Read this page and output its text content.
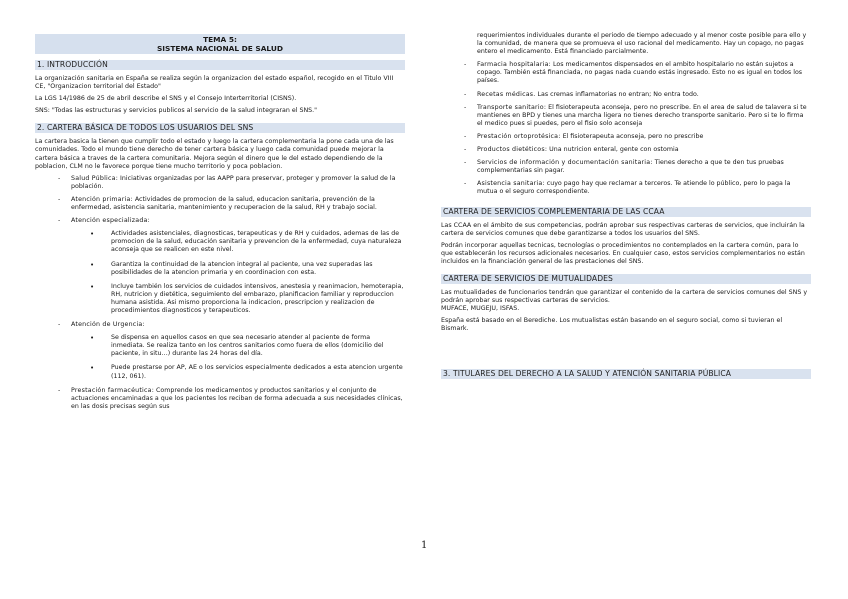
TEMA 5:
SISTEMA NACIONAL DE SALUD
1. INTRODUCCIÓN

La organización sanitaria en España se realiza según la organizacion del estado español, recogido en el Titulo VIII CE, "Organizacion territorial del Estado"

La LGS 14/1986 de 25 de abril describe el SNS y el Consejo Interterritorial (CISNS).

SNS: "Todas las estructuras y servicios publicos al servicio de la salud integraran el SNS."

2. CARTERA BÁSICA DE TODOS LOS USUARIOS DEL SNS

La cartera basica la tienen que cumplir todo el estado y luego la cartera complementaria la pone cada una de las comunidades. Todo el mundo tiene derecho de tener cartera básica y luego cada comunidad puede mejorar la cartera básica a traves de la cartera comunitaria. Mejora según el dinero que le del estado dependiendo de la poblacion, CLM no le favorece porque tiene mucho territorio y poca poblacion.

- Salud Pública: Iniciativas organizadas por las AAPP para preservar, proteger y promover la salud de la población.
- Atención primaria: Actividades de promocion de la salud, educacion sanitaria, prevención de la enfermedad, asistencia sanitaria, mantenimiento y recuperacion de la salud, RH y trabajo social.
- Atención especializada:
• Actividades asistenciales, diagnosticas, terapeuticas y de RH y cuidados, ademas de las de promocion de la salud, educación sanitaria y prevencion de la enfermedad, cuya naturaleza aconseja que se realicen en este nivel.
• Garantiza la continuidad de la atencion integral al paciente, una vez superadas las posibilidades de la atencion primaria y en coordinacion con esta.
• Incluye también los servicios de cuidados intensivos, anestesia y reanimacion, hemoterapia, RH, nutricion y dietética, seguimiento del embarazo, planificacion familiar y reproduccion humana asistida. Asi mismo proporciona la indicacion, prescripcion y realizacion de procedimientos diagnosticos y terapeuticos.
- Atención de Urgencia:
• Se dispensa en aquellos casos en que sea necesario atender al paciente de forma inmediata. Se realiza tanto en los centros sanitarios como fuera de ellos (domicilio del paciente, in situ…) durante las 24 horas del día.
• Puede prestarse por AP, AE o los servicios especialmente dedicados a esta atencion urgente (112, 061).
- Prestación farmacéutica: Comprende los medicamentos y productos sanitarios y el conjunto de actuaciones encaminadas a que los pacientes los reciban de forma adecuada a sus necesidades clínicas, en las dosis precisas según sus
requerimientos individuales durante el periodo de tiempo adecuado y al menor coste posible para ello y la comunidad, de manera que se promueva el uso racional del medicamento. Hay un copago, no pagas entero el medicamento. Está financiado parcialmente.
- Farmacia hospitalaria: Los medicamentos dispensados en el ambito hospitalario no están sujetos a copago. También está financiada, no pagas nada cuando estás ingresado. Esto no es igual en todos los países.
- Recetas médicas. Las cremas inflamatorias no entran; No entra todo.
- Transporte sanitario: El fisioterapeuta aconseja, pero no prescribe. En el area de salud de talavera si te mantienes en BPD y tienes una marcha ligera no tienes derecho transporte sanitario. Pero si te lo firma el medico pues si puedes, pero el fisio solo aconseja
- Prestación ortoprotésica: El fisioterapeuta aconseja, pero no prescribe
- Productos dietéticos: Una nutricion enteral, gente con ostomia
- Servicios de información y documentación sanitaria: Tienes derecho a que te den tus pruebas complementarias sin pagar.
- Asistencia sanitaria: cuyo pago hay que reclamar a terceros. Te atiende lo público, pero lo paga la mutua o el seguro correspondiente.
CARTERA DE SERVICIOS COMPLEMENTARIA DE LAS CCAA

Las CCAA en el ámbito de sus competencias, podrán aprobar sus respectivas carteras de servicios, que incluirán la cartera de servicios comunes que debe garantizarse a todos los usuarios del SNS.

Podrán incorporar aquellas tecnicas, tecnologías o procedimientos no contemplados en la cartera común, para lo que establecerán los recursos adicionales necesarios. En cualquier caso, estos servicios complementarios no están incluidos en la financiación general de las prestaciones del SNS.

CARTERA DE SERVICIOS DE MUTUALIDADES

Las mutualidades de funcionarios tendrán que garantizar el contenido de la cartera de servicios comunes del SNS y podrán aprobar sus respectivas carteras de servicios.

MUFACE, MUGEJU, ISFAS.

España está basado en el Berediche. Los mutualistas están basando en el seguro social, como si tuvieran el Bismark.

3. TITULARES DEL DERECHO A LA SALUD Y ATENCIÓN SANITARIA PÚBLICA
1
